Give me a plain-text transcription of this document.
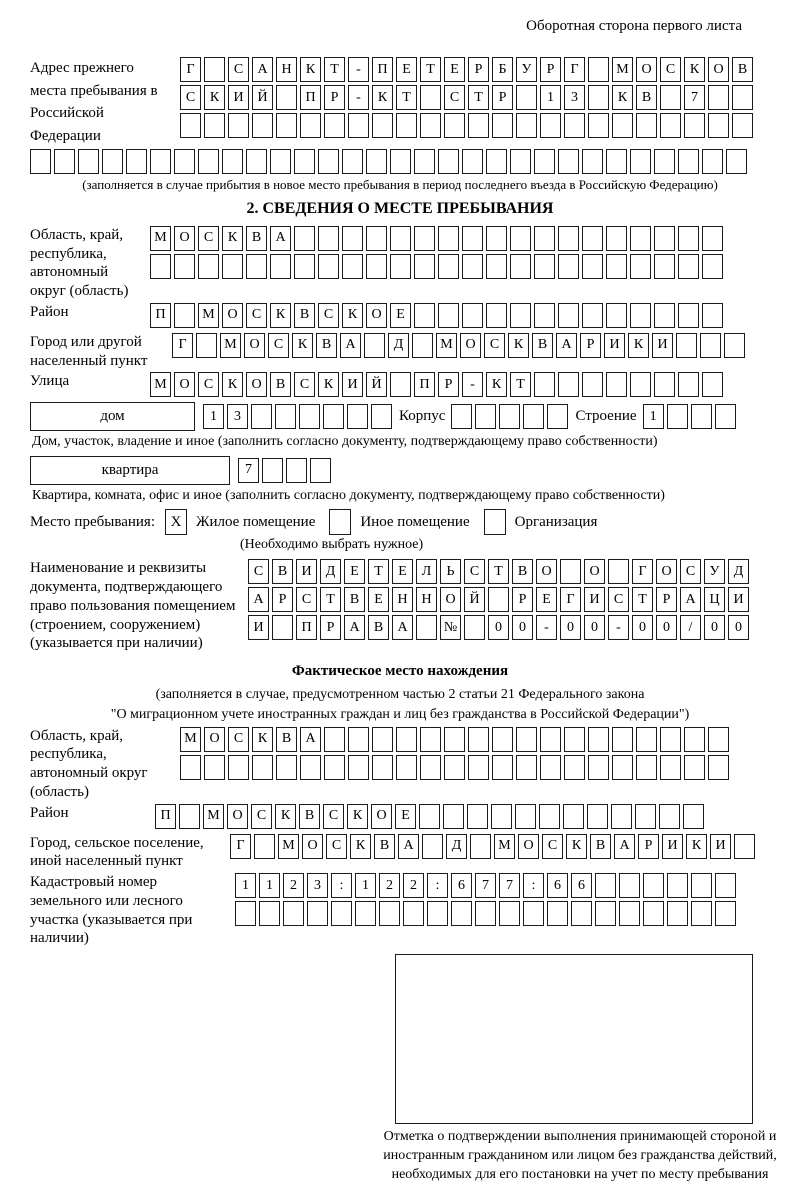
Оборотная сторона первого листа
Адрес прежнего места пребывания в Российской Федерации
Г	С	А Н	К	Т	-	П	Е	Т	Е	Р	Б	У	Р	Г	М О	С	К	О	В
С	К	И Й	П	Р	-	К	Т	С	Т	Р	1	3	К	В	7
(заполняется в случае прибытия в новое место пребывания в период последнего въезда в Российскую Федерацию)
2. СВЕДЕНИЯ О МЕСТЕ ПРЕБЫВАНИЯ
Область, край, республика, автономный округ (область)
М О	С	К	В	А
Район	П	М О	С	К	В	С	К	О	Е
Город или другой населенный пункт
Г	М О	С	К	В	А	Д	М О	С	К	В	А	Р	И	К	И
Улица	М О	С	К	О	В	С	К	И Й	П	Р	-	К	Т
дом	1	3	Корпус	Строение 1
Дом, участок, владение и иное (заполнить согласно документу, подтверждающему право собственности)
квартира	7
Квартира, комната, офис и иное (заполнить согласно документу, подтверждающему право собственности)
Место пребывания:	X Жилое помещение	Иное помещение	Организация
(Необходимо выбрать нужное)
Наименование и реквизиты документа, подтверждающего право пользования помещением (строением, сооружением) (указывается при наличии)
С	В	И	Д	Е	Т	Е	Л	Ь	С	Т	В	О	О	Г	О	С	У	Д
А	Р	С	Т	В	Е	Н Н О Й	Р	Е	Г	И	С	Т	Р	А Ц И
И	П	Р	А	В	А	№	0	0	-	0	0	-	0	0	/	0	0
Фактическое место нахождения
(заполняется в случае, предусмотренном частью 2 статьи 21 Федерального закона
"О миграционном учете иностранных граждан и лиц без гражданства в Российской Федерации")
Область, край, республика, автономный округ (область)
М О	С	К	В	А
Район	П	М О	С	К	В	С	К	О	Е
Город, сельское поселение, иной населенный пункт
Г	М О	С	К	В	А	Д	М О	С	К	В	А	Р	И	К	И
Кадастровый номер земельного или лесного участка (указывается при наличии)
1	1	2	3	:	1	2	2	:	6	7	7	:	6	6
Отметка о подтверждении выполнения принимающей стороной и иностранным гражданином или лицом без гражданства действий, необходимых для его постановки на учет по месту пребывания
